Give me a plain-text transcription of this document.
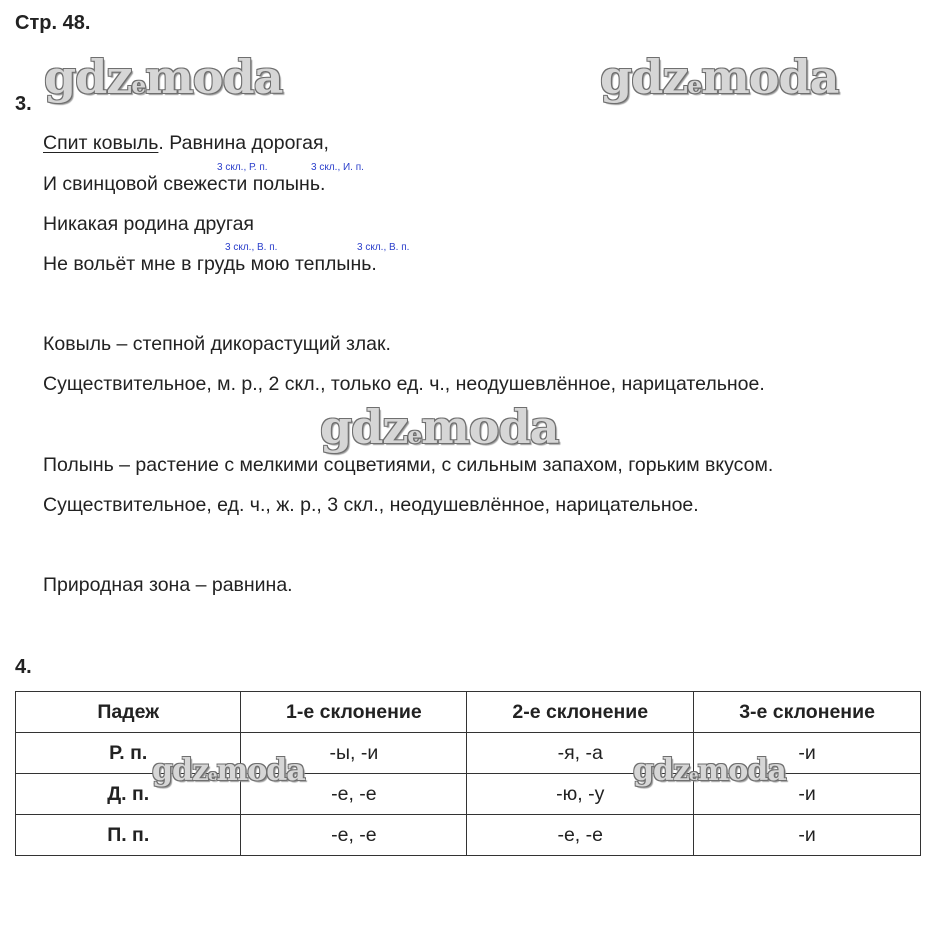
Стр. 48.
gdzemoda	gdzemoda
gdzemoda
3.
Спит ковыль. Равнина дорогая,
3 скл., Р. п.	3 скл., И. п.
И свинцовой свежести полынь.
Никакая родина другая
3 скл., В. п.	3 скл., В. п.
Не вольёт мне в грудь мою теплынь.
Ковыль – степной дикорастущий злак.
Существительное, м. р., 2 скл., только ед. ч., неодушевлённое, нарицательное.
Полынь – растение с мелкими соцветиями, с сильным запахом, горьким вкусом.
Существительное, ед. ч., ж. р., 3 скл., неодушевлённое, нарицательное.
Природная зона – равнина.
4.
Падеж	1-е склонение	2-е склонение	3-е склонение
Р. п.	-ы, -и	-я, -а	-и
Д. п.	-е, -е	-ю, -у	-и
П. п.	-е, -е	-е, -е	-и
gdzemoda	gdzemoda
